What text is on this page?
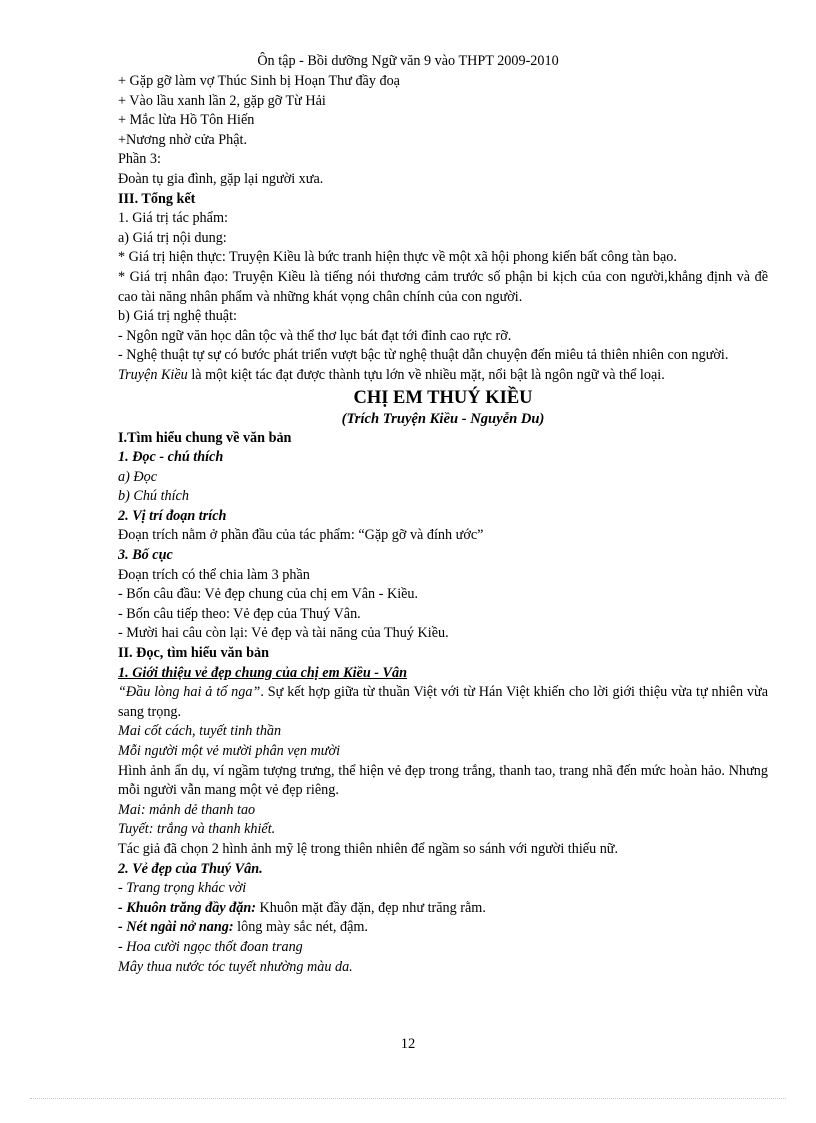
Ôn tập - Bồi dưỡng Ngữ văn 9 vào THPT 2009-2010
+ Gặp gỡ làm vợ Thúc Sinh bị Hoạn Thư đầy đoạ
+ Vào lầu xanh lần 2, gặp gỡ Từ Hải
+ Mắc lừa Hồ Tôn Hiến
+Nương nhờ cửa Phật.
Phần 3:
Đoàn tụ gia đình, gặp lại người xưa.
III. Tổng kết
1. Giá trị tác phẩm:
a) Giá trị nội dung:
* Giá trị hiện thực: Truyện Kiều là bức tranh hiện thực về một xã hội phong kiến bất công tàn bạo.
* Giá trị nhân đạo: Truyện Kiều là tiếng nói thương cảm trước số phận bi kịch của con người,khẳng định và đề cao tài năng nhân phẩm và những khát vọng chân chính của con người.
b) Giá trị nghệ thuật:
- Ngôn ngữ văn học dân tộc và thể thơ lục bát đạt tới đỉnh cao rực rỡ.
- Nghệ thuật tự sự có bước phát triển vượt bậc từ nghệ thuật dẫn chuyện đến miêu tả thiên nhiên con người.
Truyện Kiều là một kiệt tác đạt được thành tựu lớn về nhiều mặt, nổi bật là ngôn ngữ và thể loại.
CHỊ EM THUÝ KIỀU
(Trích Truyện Kiều - Nguyễn Du)
I.Tìm hiểu chung về văn bản
1. Đọc - chú thích
a) Đọc
b) Chú thích
2. Vị trí đoạn trích
Đoạn trích nằm ở phần đầu của tác phẩm: “Gặp gỡ và đính ước”
3. Bố cục
Đoạn trích có thể chia làm 3 phần
- Bốn câu đầu: Vẻ đẹp chung của chị em Vân - Kiều.
- Bốn câu tiếp theo: Vẻ đẹp của Thuý Vân.
- Mười hai câu còn lại: Vẻ đẹp và tài năng của Thuý Kiều.
II. Đọc, tìm hiểu văn bản
1. Giới thiệu vẻ đẹp chung của chị em Kiều - Vân
“Đầu lòng hai ả tố nga”. Sự kết hợp giữa từ thuần Việt với từ Hán Việt khiến cho lời giới thiệu vừa tự nhiên vừa sang trọng.
Mai cốt cách, tuyết tinh thần
Mỗi người một vẻ mười phân vẹn mười
Hình ảnh ẩn dụ, ví ngầm tượng trưng, thể hiện vẻ đẹp trong trắng, thanh tao, trang nhã đến mức hoàn hảo. Nhưng mỗi người vẫn mang một vẻ đẹp riêng.
Mai: mảnh dẻ thanh tao
Tuyết: trắng và thanh khiết.
Tác giả đã chọn 2 hình ảnh mỹ lệ trong thiên nhiên để ngầm so sánh với người thiếu nữ.
2. Vẻ đẹp của Thuý Vân.
- Trang trọng khác vời
- Khuôn trăng đầy đặn: Khuôn mặt đầy đặn, đẹp như trăng rằm.
- Nét ngài nở nang: lông mày sắc nét, đậm.
- Hoa cười ngọc thốt đoan trang
Mây thua nước tóc tuyết nhường màu da.
12
